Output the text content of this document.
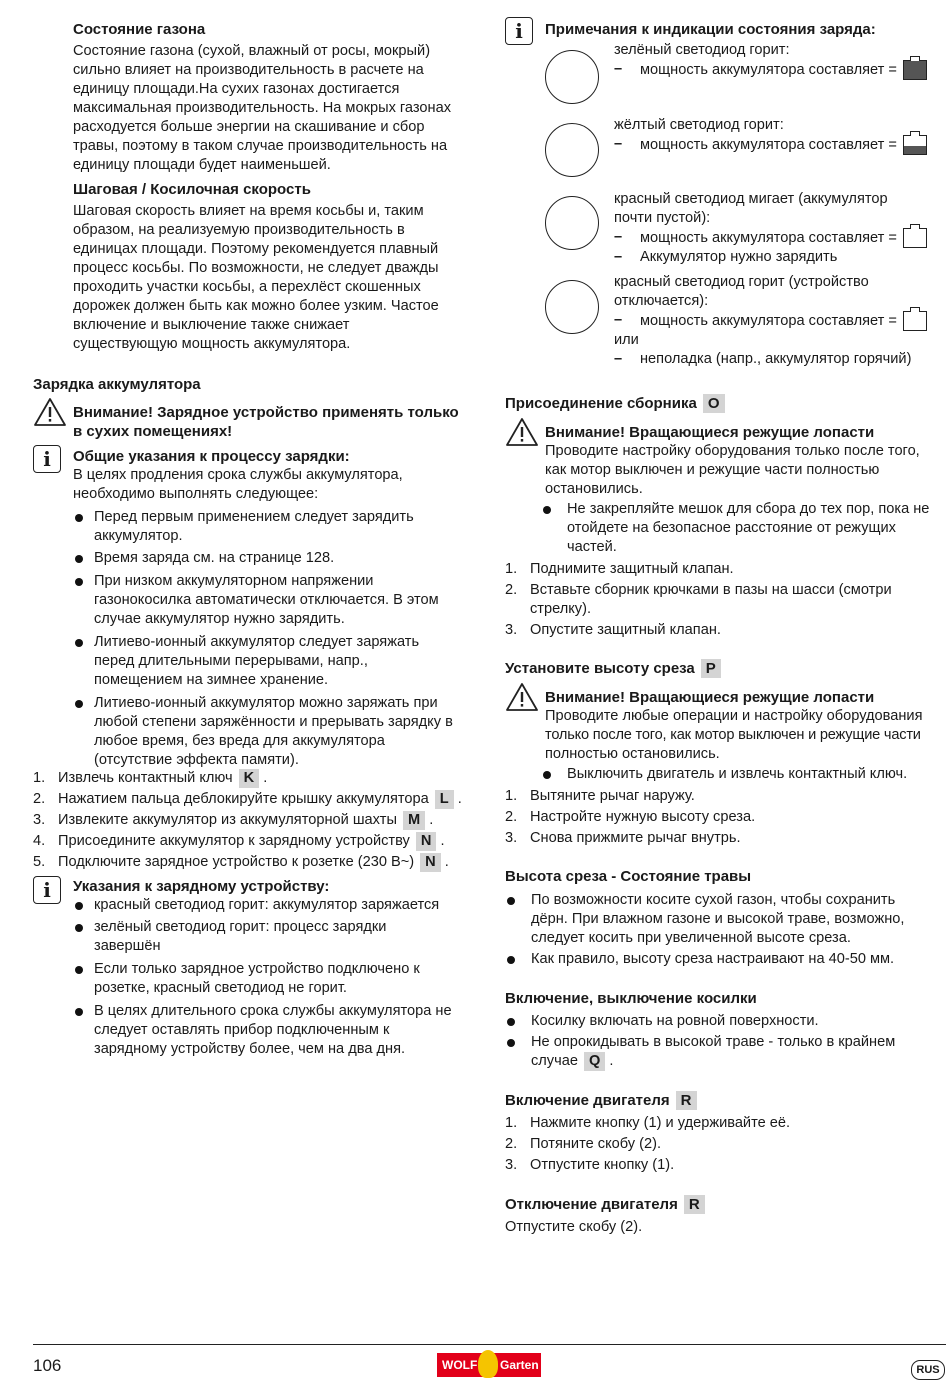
Состояние газона

Состояние газона (сухой, влажный от росы, мокрый)

сильно влияет на производительность в расчете на

единицу площади.На сухих газонах достигается

максимальная производительность. На мокрых газонах

расходуется больше энергии на скашивание и сбор

травы, поэтому в таком случае производительность на

единицу площади будет наименьшей.

Шаговая / Косилочная скорость

Шаговая скорость влияет на время косьбы и, таким

образом, на реализуемую производительность в

единицах площади. Поэтому рекомендуется плавный

процесс косьбы. По возможности, не следует дважды

проходить участки косьбы, а перехлёст скошенных

дорожек должен быть как можно более узким. Частое

включение и выключение также снижает

существующую мощность аккумулятора.

Зарядка аккумулятора
Внимание! Зарядное устройство применять только
в сухих помещениях!
i	Общие указания к процессу зарядки:

В целях продления срока службы аккумулятора,

необходимо выполнять следующее:

Перед первым применением следует зарядить
аккумулятор.
Время заряда см. на странице 128.
При низком аккумуляторном напряжении
газонокосилка автоматически отключается. В этом
случае аккумулятор нужно зарядить.
Литиево-ионный аккумулятор следует заряжать
перед длительными перерывами, напр.,
помещением на зимнее хранение.
Литиево-ионный аккумулятор можно заряжать при
любой степени заряжённости и прерывать зарядку в
любое время, без вреда для аккумулятора
(отсутствие эффекта памяти).
1. Извлечь контактный ключ K .
2. Нажатием пальца деблокируйте крышку аккумулятора L .
3. Извлеките аккумулятор из аккумуляторной шахты M .
4. Присоедините аккумулятор к зарядному устройству N .
5. Подключите зарядное устройство к розетке (230 В~) N .
i	Указания к зарядному устройству:
красный светодиод горит: аккумулятор заряжается
зелёный светодиод горит: процесс зарядки
завершён
Если только зарядное устройство подключено к
розетке, красный светодиод не горит.
В целях длительного срока службы аккумулятора не
следует оставлять прибор подключенным к
зарядному устройству более, чем на два дня.
i	Примечания к индикации состояния заряда:

зелёный светодиод горит:

– мощность аккумулятора составляет =

жёлтый светодиод горит:

– мощность аккумулятора составляет =

красный светодиод мигает (аккумулятор

почти пустой):

– мощность аккумулятора составляет =
– Аккумулятор нужно зарядить

красный светодиод горит (устройство

отключается):

– мощность аккумулятора составляет =

или

– неполадка (напр., аккумулятор горячий)
Присоединение сборника O
Внимание! Вращающиеся режущие лопасти

Проводите настройку оборудования только после того,

как мотор выключен и режущие части полностью

остановились.

Не закрепляйте мешок для сбора до тех пор, пока не
отойдете на безопасное расстояние от режущих
частей.
1. Поднимите защитный клапан.
2. Вставьте сборник крючками в пазы на шасси (смотри
стрелку).
3. Опустите защитный клапан.
Установите высоту среза P
Внимание! Вращающиеся режущие лопасти

Проводите любые операции и настройку оборудования

только после того, как мотор выключен и режущие части

полностью остановились.

Выключить двигатель и извлечь контактный ключ.
1. Вытяните рычаг наружу.
2. Настройте нужную высоту среза.
3. Снова прижмите рычаг внутрь.
Высота среза - Состояние травы
По возможности косите сухой газон, чтобы сохранить
дёрн. При влажном газоне и высокой траве, возможно,
следует косить при увеличенной высоте среза.
Как правило, высоту среза настраивают на 40-50 мм.
Включение, выключение косилки
Косилку включать на ровной поверхности.
Не опрокидывать в высокой траве - только в крайнем
случае Q .
Включение двигателя R
1. Нажмите кнопку (1) и удерживайте её.
2. Потяните скобу (2).
3. Отпустите кнопку (1).
Отключение двигателя R
Отпустите скобу (2).
106	WOLF Garten	RUS
